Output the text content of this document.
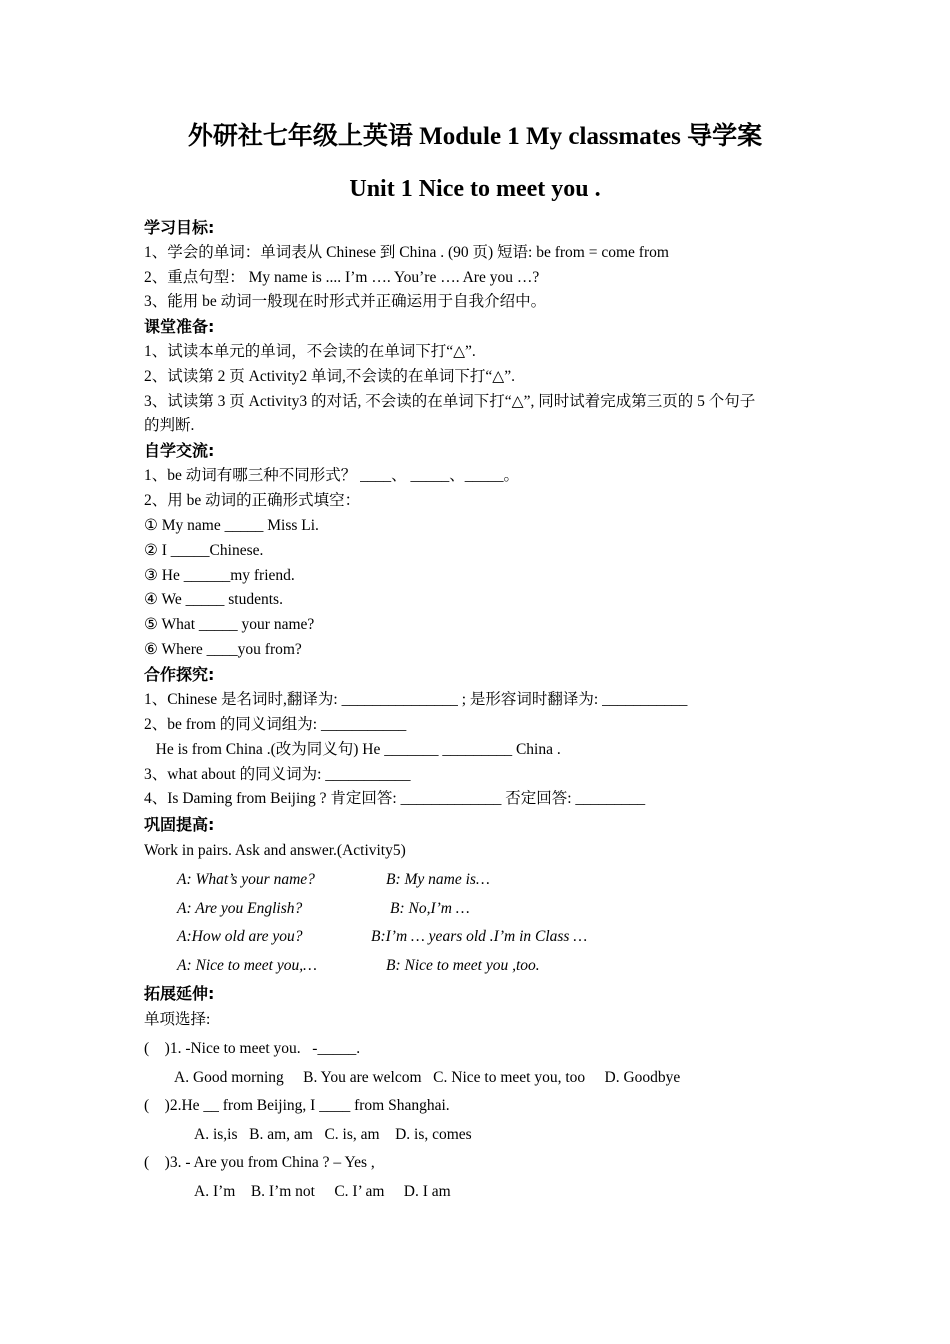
外研社七年级上英语 Module 1 My classmates 导学案
Unit 1 Nice to meet you .
学习目标:
1、学会的单词：单词表从 Chinese 到 China . (90 页) 短语: be from = come from
2、重点句型： My name is .... I’m …. You’re …. Are you …?
3、能用 be 动词一般现在时形式并正确运用于自我介绍中。
课堂准备:
1、试读本单元的单词，不会读的在单词下打“△”.
2、试读第 2 页 Activity2 单词,不会读的在单词下打“△”.
3、试读第 3 页 Activity3 的对话, 不会读的在单词下打“△”, 同时试着完成第三页的 5 个句子
的判断.
自学交流:
1、be 动词有哪三种不同形式？ ____、 _____、_____。
2、用 be 动词的正确形式填空：
① My name _____ Miss Li.
② I _____Chinese.
③ He ______my friend.
④ We _____ students.
⑤ What _____ your name?
⑥ Where ____you from?
合作探究:
1、Chinese 是名词时,翻译为: _______________ ; 是形容词时翻译为: ___________
2、be from 的同义词组为: ___________
He is from China .(改为同义句) He _______ _________ China .
3、what about 的同义词为: ___________
4、Is Daming from Beijing ? 肯定回答: _____________ 否定回答: _________
巩固提高:
Work in pairs. Ask and answer.(Activity5)
A: What’s your name?	B: My name is…
A: Are you English?	B: No,I’m …
A:How old are you?	B:I’m … years old .I’m in Class …
A: Nice to meet you,…	B: Nice to meet you ,too.
拓展延伸:
单项选择:
(    )1. -Nice to meet you.   -_____.
A. Good morning     B. You are welcom   C. Nice to meet you, too     D. Goodbye
(    )2.He __ from Beijing, I ____ from Shanghai.
A. is,is   B. am, am   C. is, am    D. is, comes
(    )3. - Are you from China ? – Yes ,
A. I’m    B. I’m not     C. I’ am     D. I am
